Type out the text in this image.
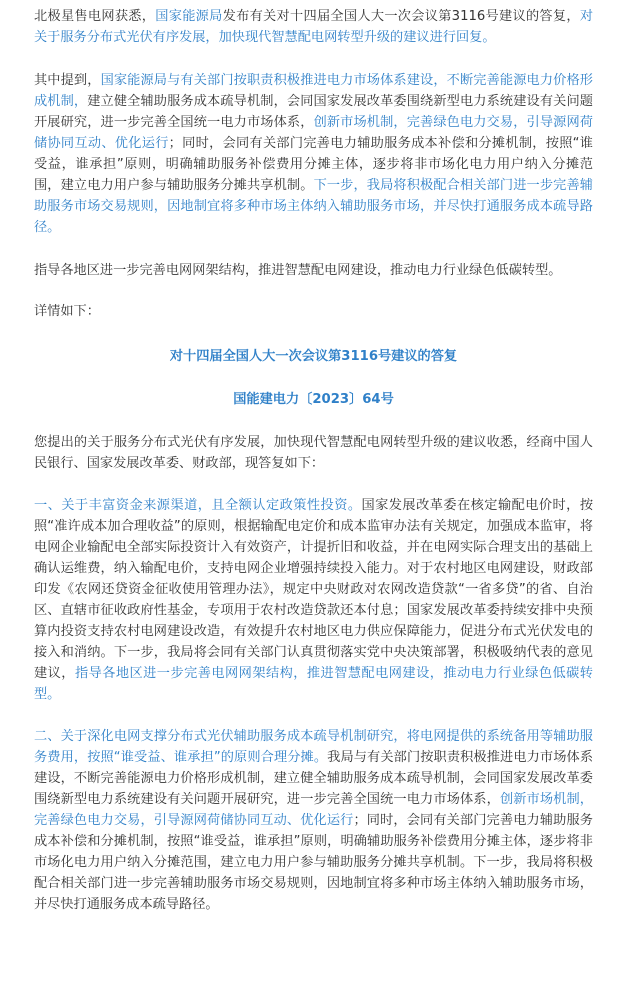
北极星售电网获悉，国家能源局发布有关对十四届全国人大一次会议第3116号建议的答复，对关于服务分布式光伏有序发展，加快现代智慧配电网转型升级的建议进行回复。

其中提到，国家能源局与有关部门按职责积极推进电力市场体系建设，不断完善能源电力价格形成机制，建立健全辅助服务成本疏导机制，会同国家发展改革委围绕新型电力系统建设有关问题开展研究，进一步完善全国统一电力市场体系，创新市场机制，完善绿色电力交易，引导源网荷储协同互动、优化运行；同时，会同有关部门完善电力辅助服务成本补偿和分摊机制，按照“谁受益，谁承担”原则，明确辅助服务补偿费用分摊主体，逐步将非市场化电力用户纳入分摊范围，建立电力用户参与辅助服务分摊共享机制。下一步，我局将积极配合相关部门进一步完善辅助服务市场交易规则，因地制宜将多种市场主体纳入辅助服务市场，并尽快打通服务成本疏导路径。

指导各地区进一步完善电网网架结构，推进智慧配电网建设，推动电力行业绿色低碳转型。

详情如下：

对十四届全国人大一次会议第3116号建议的答复

国能建电力〔2023〕64号

您提出的关于服务分布式光伏有序发展，加快现代智慧配电网转型升级的建议收悉，经商中国人民银行、国家发展改革委、财政部，现答复如下：

一、关于丰富资金来源渠道，且全额认定政策性投资。国家发展改革委在核定输配电价时，按照“准许成本加合理收益”的原则，根据输配电定价和成本监审办法有关规定，加强成本监审，将电网企业输配电全部实际投资计入有效资产，计提折旧和收益，并在电网实际合理支出的基础上确认运维费，纳入输配电价，支持电网企业增强持续投入能力。对于农村地区电网建设，财政部印发《农网还贷资金征收使用管理办法》，规定中央财政对农网改造贷款“一省多贷”的省、自治区、直辖市征收政府性基金，专项用于农村改造贷款还本付息；国家发展改革委持续安排中央预算内投资支持农村电网建设改造，有效提升农村地区电力供应保障能力，促进分布式光伏发电的接入和消纳。下一步，我局将会同有关部门认真贯彻落实党中央决策部署，积极吸纳代表的意见建议，指导各地区进一步完善电网网架结构，推进智慧配电网建设，推动电力行业绿色低碳转型。

二、关于深化电网支撑分布式光伏辅助服务成本疏导机制研究，将电网提供的系统备用等辅助服务费用，按照“谁受益、谁承担”的原则合理分摊。我局与有关部门按职责积极推进电力市场体系建设，不断完善能源电力价格形成机制，建立健全辅助服务成本疏导机制，会同国家发展改革委围绕新型电力系统建设有关问题开展研究，进一步完善全国统一电力市场体系，创新市场机制，完善绿色电力交易，引导源网荷储协同互动、优化运行；同时，会同有关部门完善电力辅助服务成本补偿和分摊机制，按照“谁受益，谁承担”原则，明确辅助服务补偿费用分摊主体，逐步将非市场化电力用户纳入分摊范围，建立电力用户参与辅助服务分摊共享机制。下一步，我局将积极配合相关部门进一步完善辅助服务市场交易规则，因地制宜将多种市场主体纳入辅助服务市场，并尽快打通服务成本疏导路径。
